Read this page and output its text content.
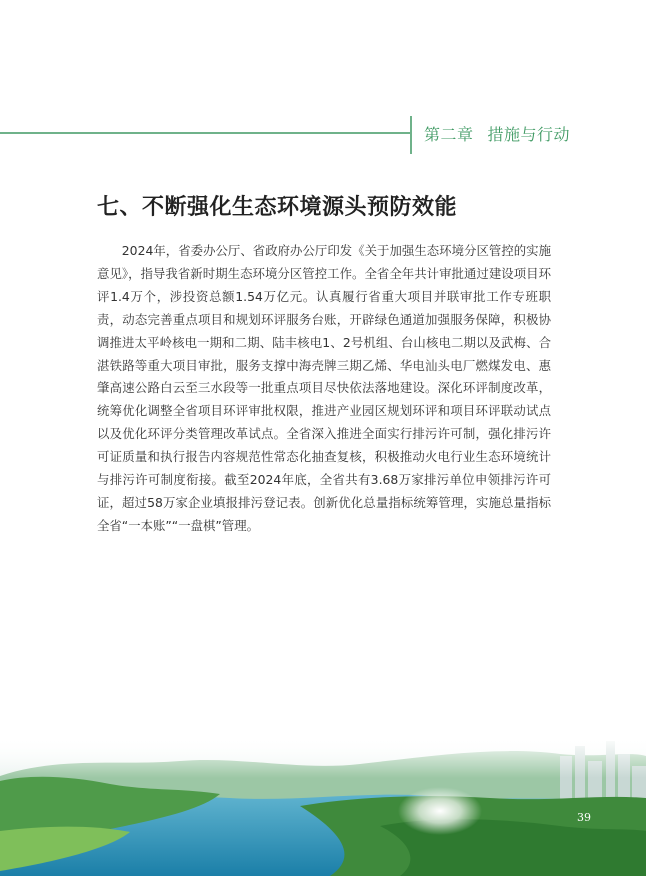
第二章 措施与行动
七、不断强化生态环境源头预防效能

2024年，省委办公厅、省政府办公厅印发《关于加强生态环境分区管控的实施意见》，指导我省新时期生态环境分区管控工作。全省全年共计审批通过建设项目环评1.4万个，涉投资总额1.54万亿元。认真履行省重大项目并联审批工作专班职责，动态完善重点项目和规划环评服务台账，开辟绿色通道加强服务保障，积极协调推进太平岭核电一期和二期、陆丰核电1、2号机组、台山核电二期以及武梅、合湛铁路等重大项目审批，服务支撑中海壳牌三期乙烯、华电汕头电厂燃煤发电、惠肇高速公路白云至三水段等一批重点项目尽快依法落地建设。深化环评制度改革，统筹优化调整全省项目环评审批权限，推进产业园区规划环评和项目环评联动试点以及优化环评分类管理改革试点。全省深入推进全面实行排污许可制，强化排污许可证质量和执行报告内容规范性常态化抽查复核，积极推动火电行业生态环境统计与排污许可制度衔接。截至2024年底，全省共有3.68万家排污单位申领排污许可证，超过58万家企业填报排污登记表。创新优化总量指标统筹管理，实施总量指标全省“一本账”“一盘棋”管理。

39
